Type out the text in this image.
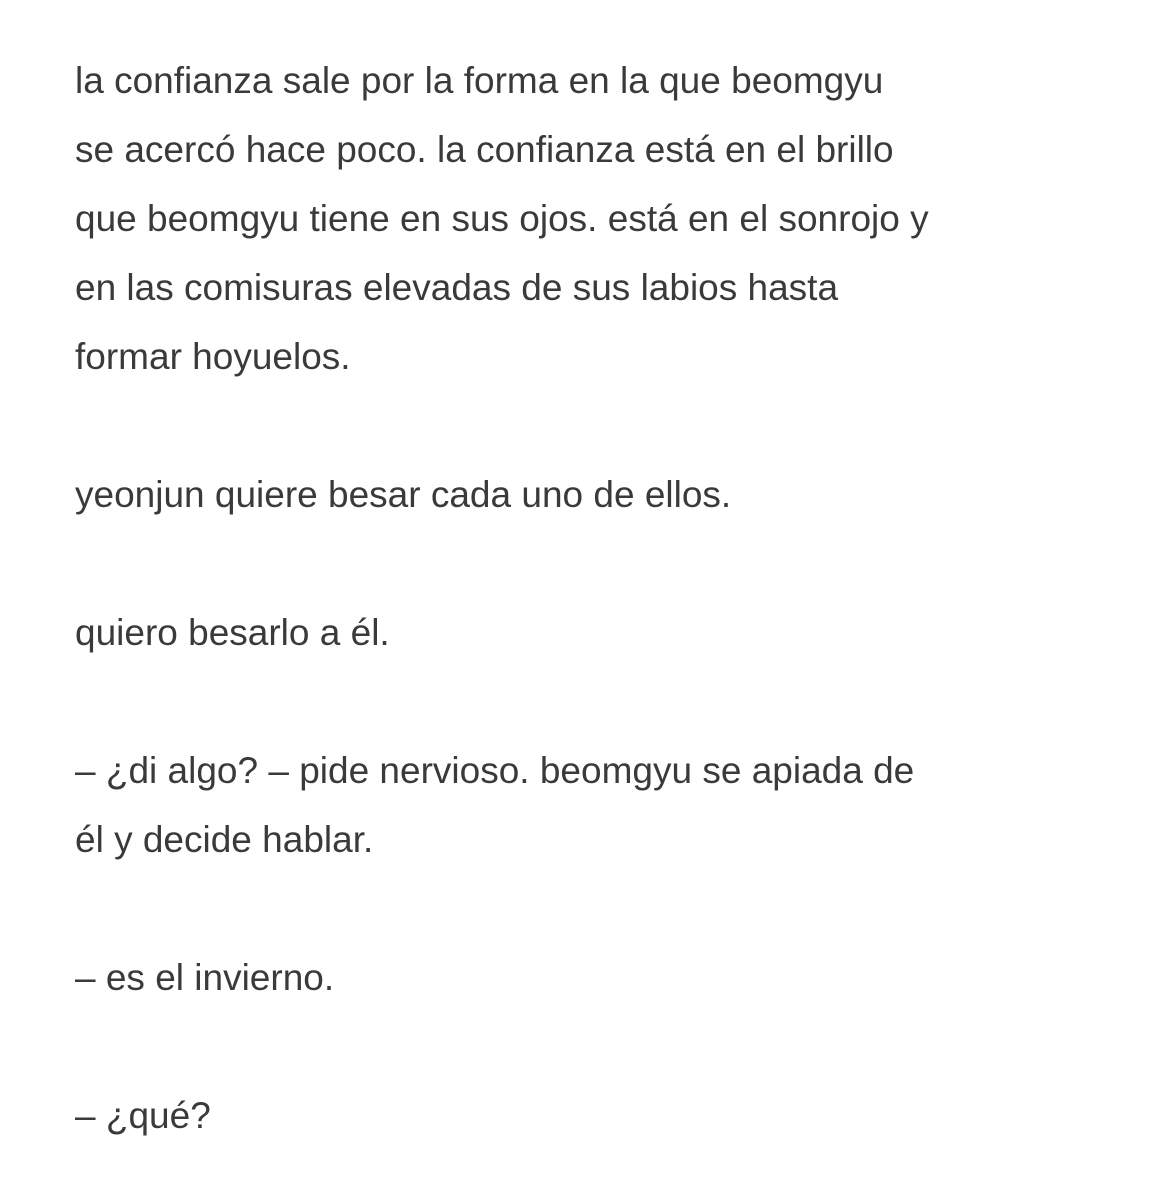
la confianza sale por la forma en la que beomgyu
se acercó hace poco. la confianza está en el brillo
que beomgyu tiene en sus ojos. está en el sonrojo y
en las comisuras elevadas de sus labios hasta
formar hoyuelos.
yeonjun quiere besar cada uno de ellos.
quiero besarlo a él.
– ¿di algo? – pide nervioso. beomgyu se apiada de
él y decide hablar.
– es el invierno.
– ¿qué?
